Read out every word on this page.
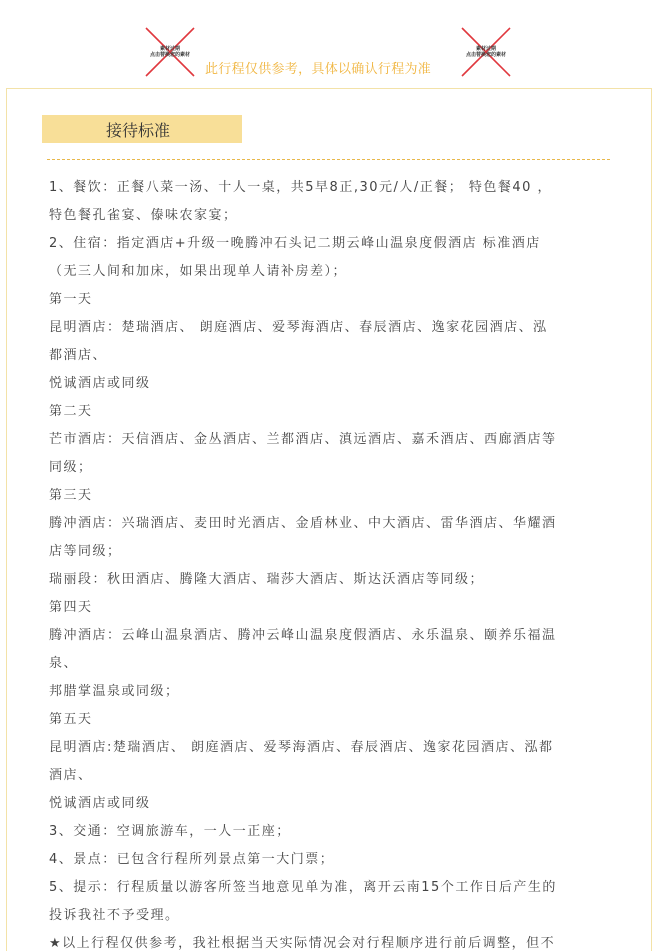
素材过期
点击替换您的素材
此行程仅供参考，具体以确认行程为准
素材过期
点击替换您的素材
接待标准
1、餐饮：正餐八菜一汤、十人一桌，共5早8正,30元/人/正餐； 特色餐40 ，
特色餐孔雀宴、傣味农家宴；
2、住宿：指定酒店+升级一晚腾冲石头记二期云峰山温泉度假酒店 标准酒店
（无三人间和加床，如果出现单人请补房差）；
第一天
昆明酒店：楚瑞酒店、 朗庭酒店、爱琴海酒店、春辰酒店、逸家花园酒店、泓
都酒店、
悦诚酒店或同级
第二天
芒市酒店：天信酒店、金丛酒店、兰都酒店、滇远酒店、嘉禾酒店、西廊酒店等
同级；
第三天
腾冲酒店：兴瑞酒店、麦田时光酒店、金盾林业、中大酒店、雷华酒店、华耀酒
店等同级；
瑞丽段：秋田酒店、腾隆大酒店、瑞莎大酒店、斯达沃酒店等同级；
第四天
腾冲酒店：云峰山温泉酒店、腾冲云峰山温泉度假酒店、永乐温泉、颐养乐福温
泉、
邦腊掌温泉或同级；
第五天
昆明酒店:楚瑞酒店、 朗庭酒店、爱琴海酒店、春辰酒店、逸家花园酒店、泓都
酒店、
悦诚酒店或同级
3、交通：空调旅游车，一人一正座；
4、景点：已包含行程所列景点第一大门票；
5、提示：行程质量以游客所签当地意见单为准，离开云南15个工作日后产生的
投诉我社不予受理。
★以上行程仅供参考，我社根据当天实际情况会对行程顺序进行前后调整，但不
